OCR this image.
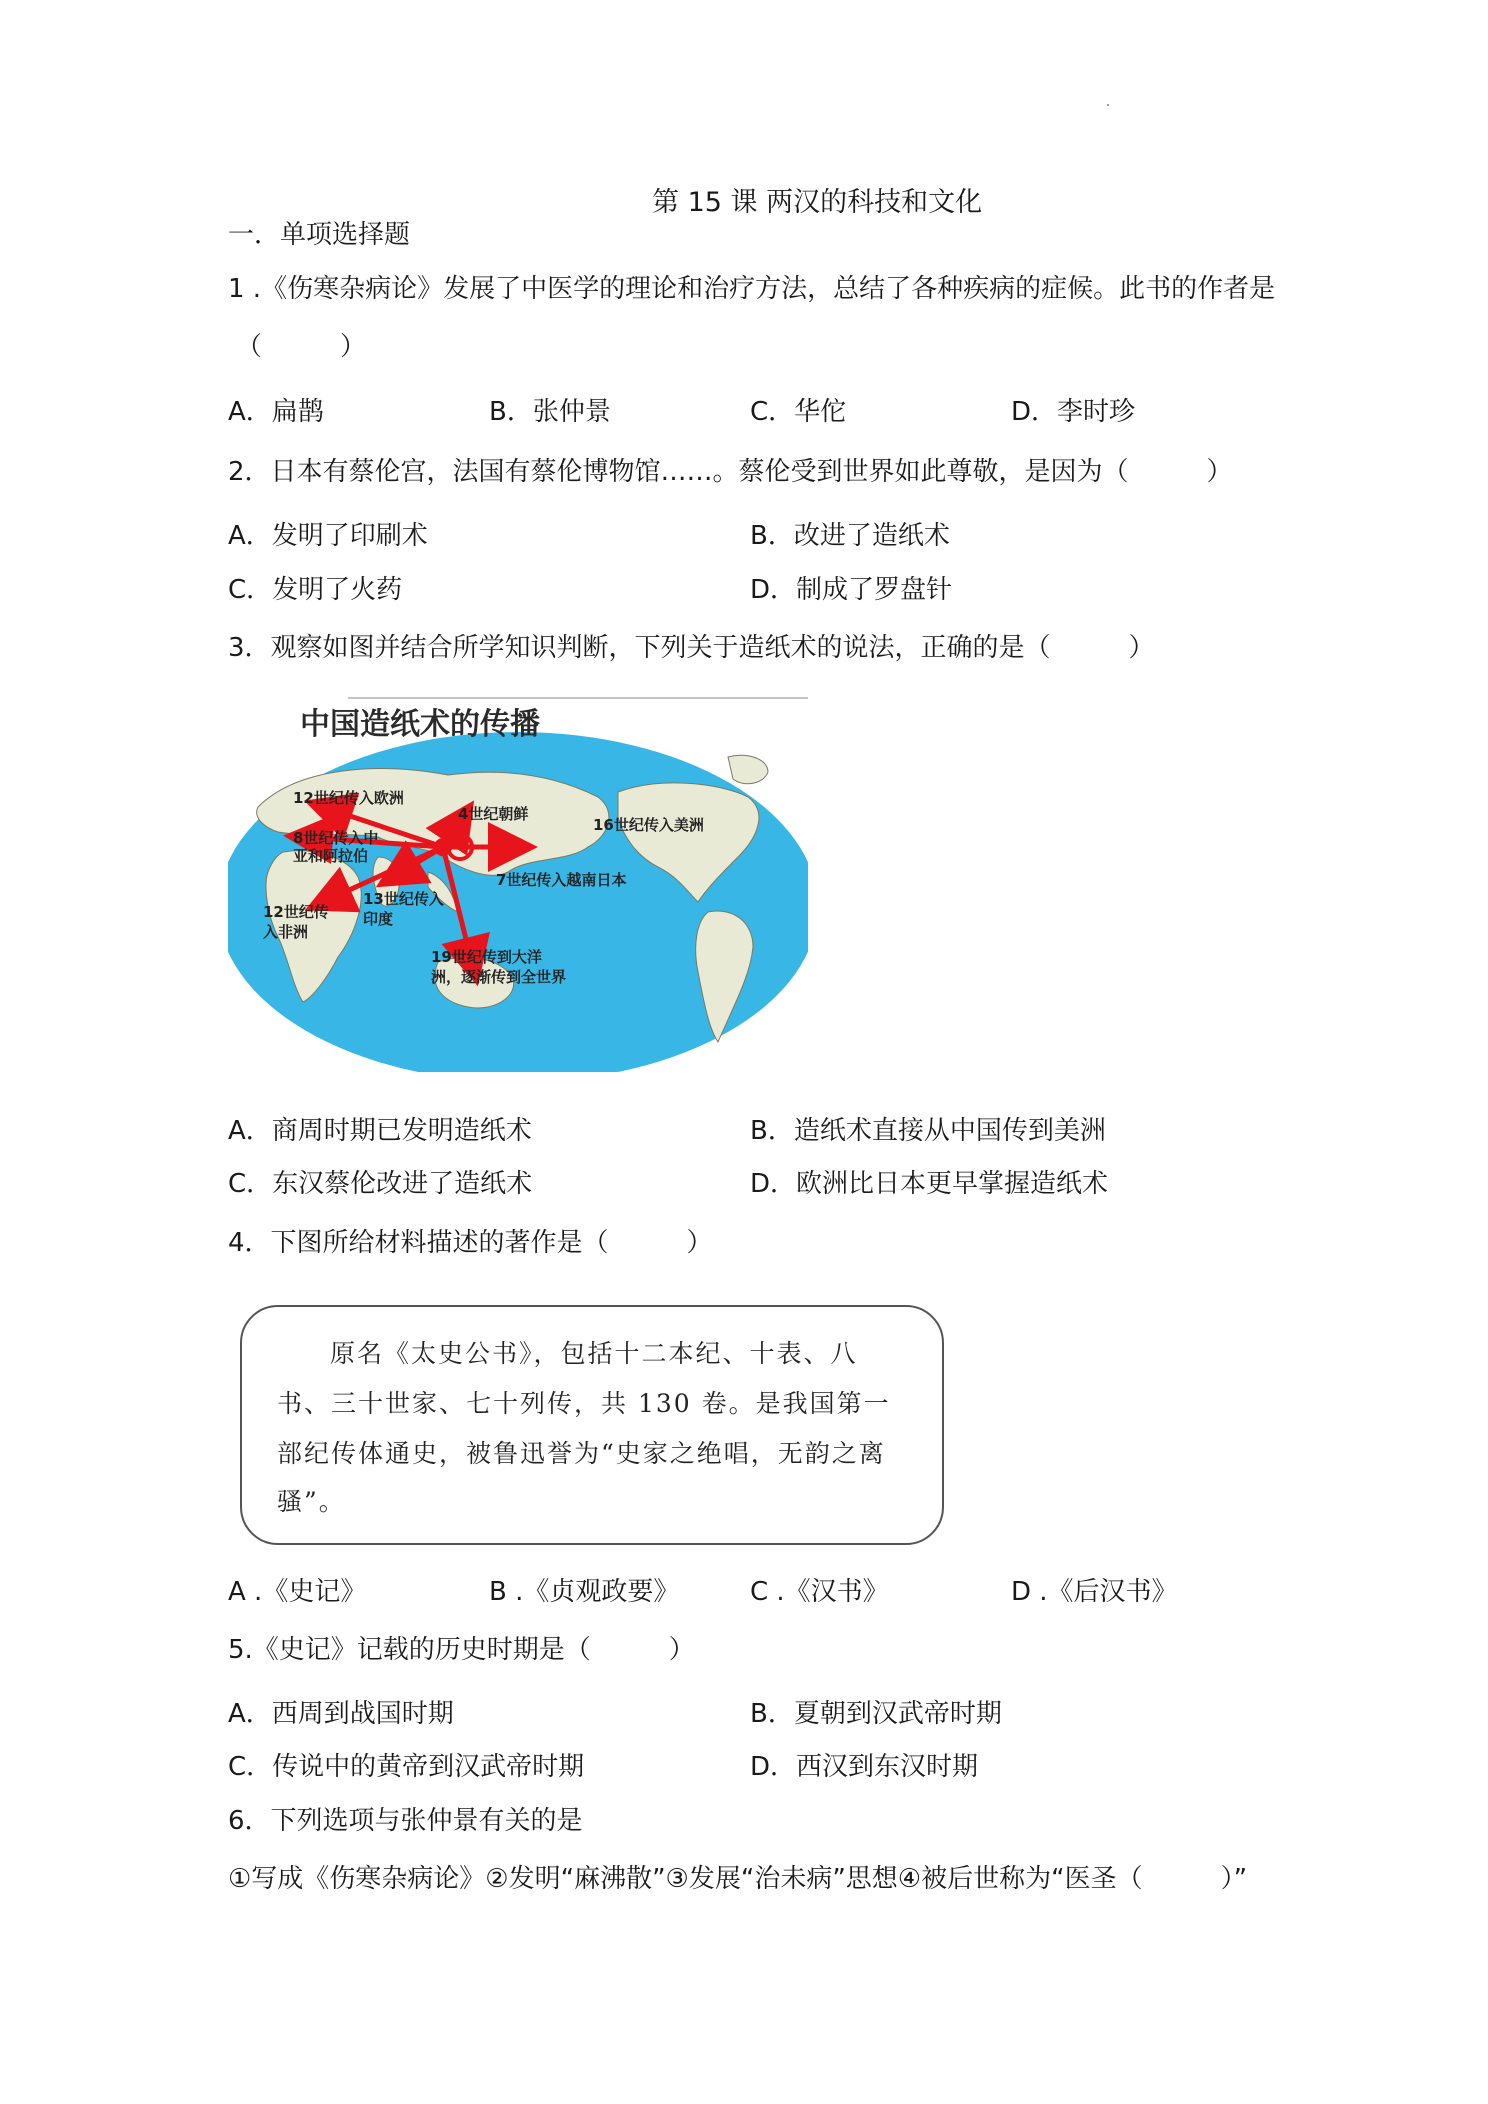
第 15 课 两汉的科技和文化
一．单项选择题
1 .《伤寒杂病论》发展了中医学的理论和治疗方法，总结了各种疾病的症候。此书的作者是
（　　　）
A．扁鹊	B．张仲景	C．华佗	D．李时珍
2．日本有蔡伦宫，法国有蔡伦博物馆……。蔡伦受到世界如此尊敬，是因为（　　　）
A．发明了印刷术	B．改进了造纸术
C．发明了火药	D．制成了罗盘针
3．观察如图并结合所学知识判断，下列关于造纸术的说法，正确的是（　　　）
中国造纸术的传播
12世纪传入欧洲
4世纪朝鲜
16世纪传入美洲
8世纪传入中亚和阿拉伯
7世纪传入越南日本
13世纪传入印度
12世纪传入非洲
19世纪传到大洋洲，逐渐传到全世界
A．商周时期已发明造纸术	B．造纸术直接从中国传到美洲
C．东汉蔡伦改进了造纸术	D．欧洲比日本更早掌握造纸术
4．下图所给材料描述的著作是（　　　）
原名《太史公书》，包括十二本纪、十表、八
书、三十世家、七十列传，共 130 卷。是我国第一
部纪传体通史，被鲁迅誉为“史家之绝唱，无韵之离
骚”。
A .《史记》	B .《贞观政要》	C .《汉书》	D .《后汉书》
5.《史记》记载的历史时期是（　　　）
A．西周到战国时期	B．夏朝到汉武帝时期
C．传说中的黄帝到汉武帝时期	D．西汉到东汉时期
6．下列选项与张仲景有关的是
①写成《伤寒杂病论》②发明“麻沸散”③发展“治未病”思想④被后世称为“医圣（　　　）”
